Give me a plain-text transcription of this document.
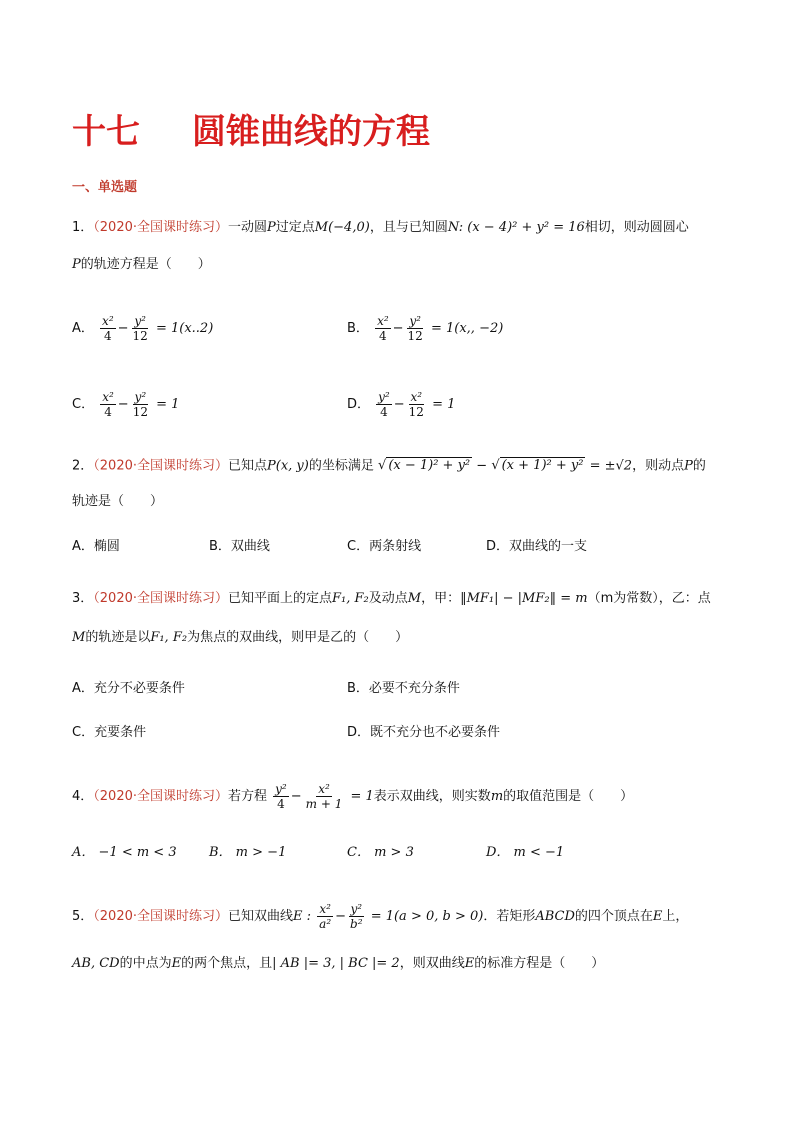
十七 圆锥曲线的方程
一、单选题
1．（2020·全国课时练习）一动圆P过定点M(−4,0)，且与已知圆N: (x − 4)² + y² = 16相切，则动圆圆心
P的轨迹方程是（　　）
A． $\frac{\text{x²}}{4} - \frac{\text{y²}}{12} = 1(x..2)$	B． $\frac{\text{x²}}{4} - \frac{\text{y²}}{12} = 1(x$,, −2)
C． $\frac{\text{x²}}{4} - \frac{\text{y²}}{12} = 1$	D． $\frac{\text{y²}}{4} - \frac{\text{x²}}{12} = 1$
2．（2020·全国课时练习）已知点P(x, y)的坐标满足 √ (x − 1)² + y² − √ (x + 1)² + y² = ±√2，则动点P的
轨迹是（　　）
A．椭圆	B．双曲线	C．两条射线	D．双曲线的一支
3．（2020·全国课时练习）已知平面上的定点F₁, F₂及动点M，甲：‖MF₁| − |MF₂‖ = m（m为常数），乙：点
M的轨迹是以F₁, F₂为焦点的双曲线，则甲是乙的（　　）
A．充分不必要条件	B．必要不充分条件
C．充要条件	D．既不充分也不必要条件
4．（2020·全国课时练习）若方程 $\frac{\text{y²}}{4} - \frac{\text{x²}}{m + 1} = 1$表示双曲线，则实数m的取值范围是（　　）
A． −1 < m < 3 B． m > −1	C． m > 3	D． m < −1
5．（2020·全国课时练习）已知双曲线E : $\frac{\text{x²}}{\text{a²}} - \frac{\text{y²}}{\text{b²}} = 1(a > 0$, b > 0)．若矩形ABCD的四个顶点在E上，
AB, CD的中点为E的两个焦点，且| AB |= 3, | BC |= 2，则双曲线E的标准方程是（　　）
